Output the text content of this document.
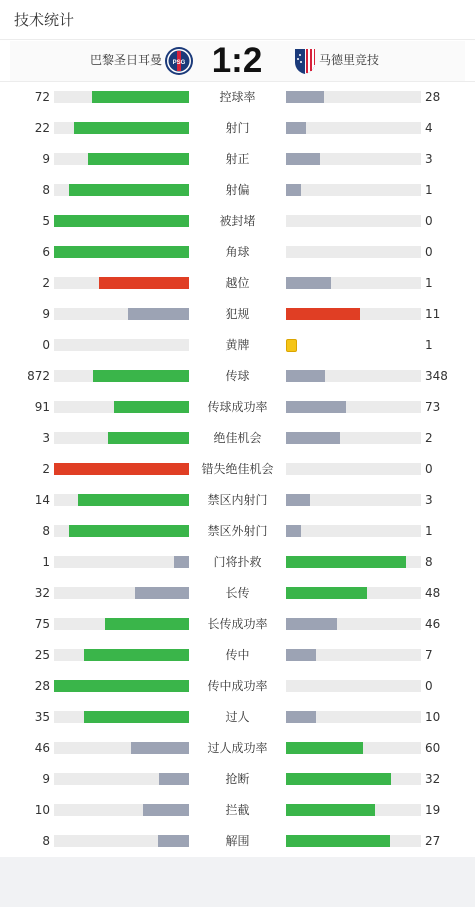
技术统计
巴黎圣日耳曼 PSG 1:2	马德里竞技
72	控球率	28
22	射门	4
9	射正	3
8	射偏	1
5	被封堵	0
6	角球	0
2	越位	1
9	犯规	11
0	黄牌	1
872	传球	348
91	传球成功率	73
3	绝佳机会	2
2	错失绝佳机会	0
14	禁区内射门	3
8	禁区外射门	1
1	门将扑救	8
32	长传	48
75	长传成功率	46
25	传中	7
28	传中成功率	0
35	过人	10
46	过人成功率	60
9	抢断	32
10	拦截	19
8	解围	27
